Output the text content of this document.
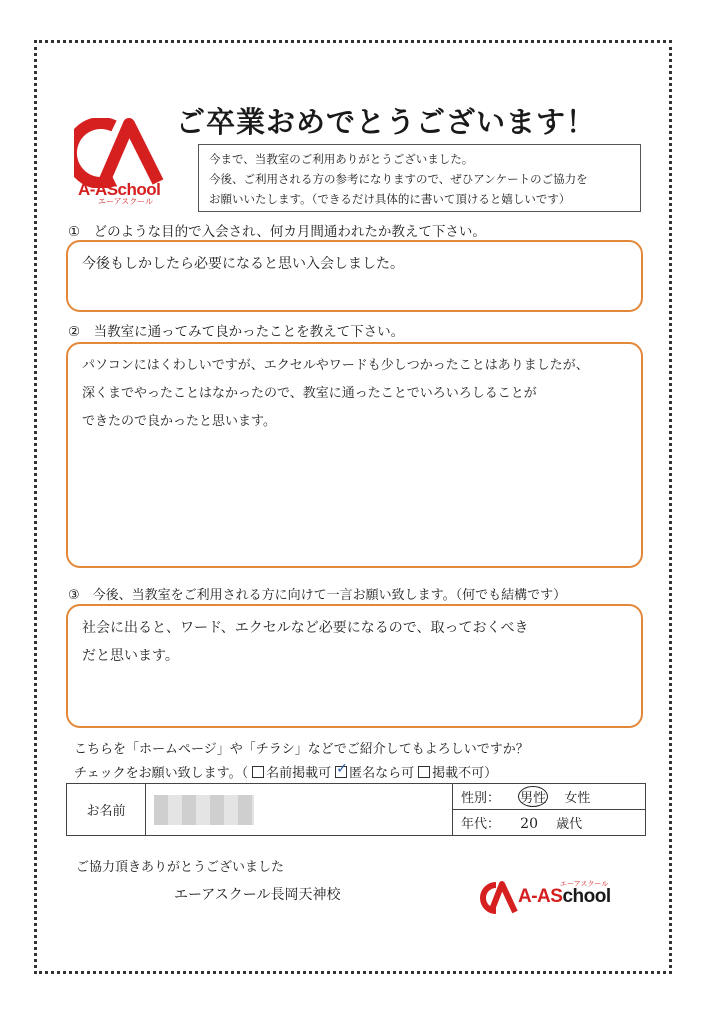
A-ASchool
エーアスクール
ご卒業おめでとうございます！
今まで、当教室のご利用ありがとうございました。
今後、ご利用される方の参考になりますので、ぜひアンケートのご協力を
お願いいたします。（できるだけ具体的に書いて頂けると嬉しいです）
①　どのような目的で入会され、何カ月間通われたか教えて下さい。
今後もしかしたら必要になると思い入会しました。
②　当教室に通ってみて良かったことを教えて下さい。
パソコンにはくわしいですが、エクセルやワードも少しつかったことはありましたが、
深くまでやったことはなかったので、教室に通ったことでいろいろしることが
できたので良かったと思います。
③　今後、当教室をご利用される方に向けて一言お願い致します。（何でも結構です）
社会に出ると、ワード、エクセルなど必要になるので、取っておくべき
だと思います。
こちらを「ホームページ」や「チラシ」などでご紹介してもよろしいですか？
チェックをお願い致します。（ 名前掲載可 ✓ 匿名なら可 掲載不可）
お名前		性別： 男性 女性
年代： 20 歳代
ご協力頂きありがとうございました
エーアスクール長岡天神校	A-ASchool
エーアスクール
